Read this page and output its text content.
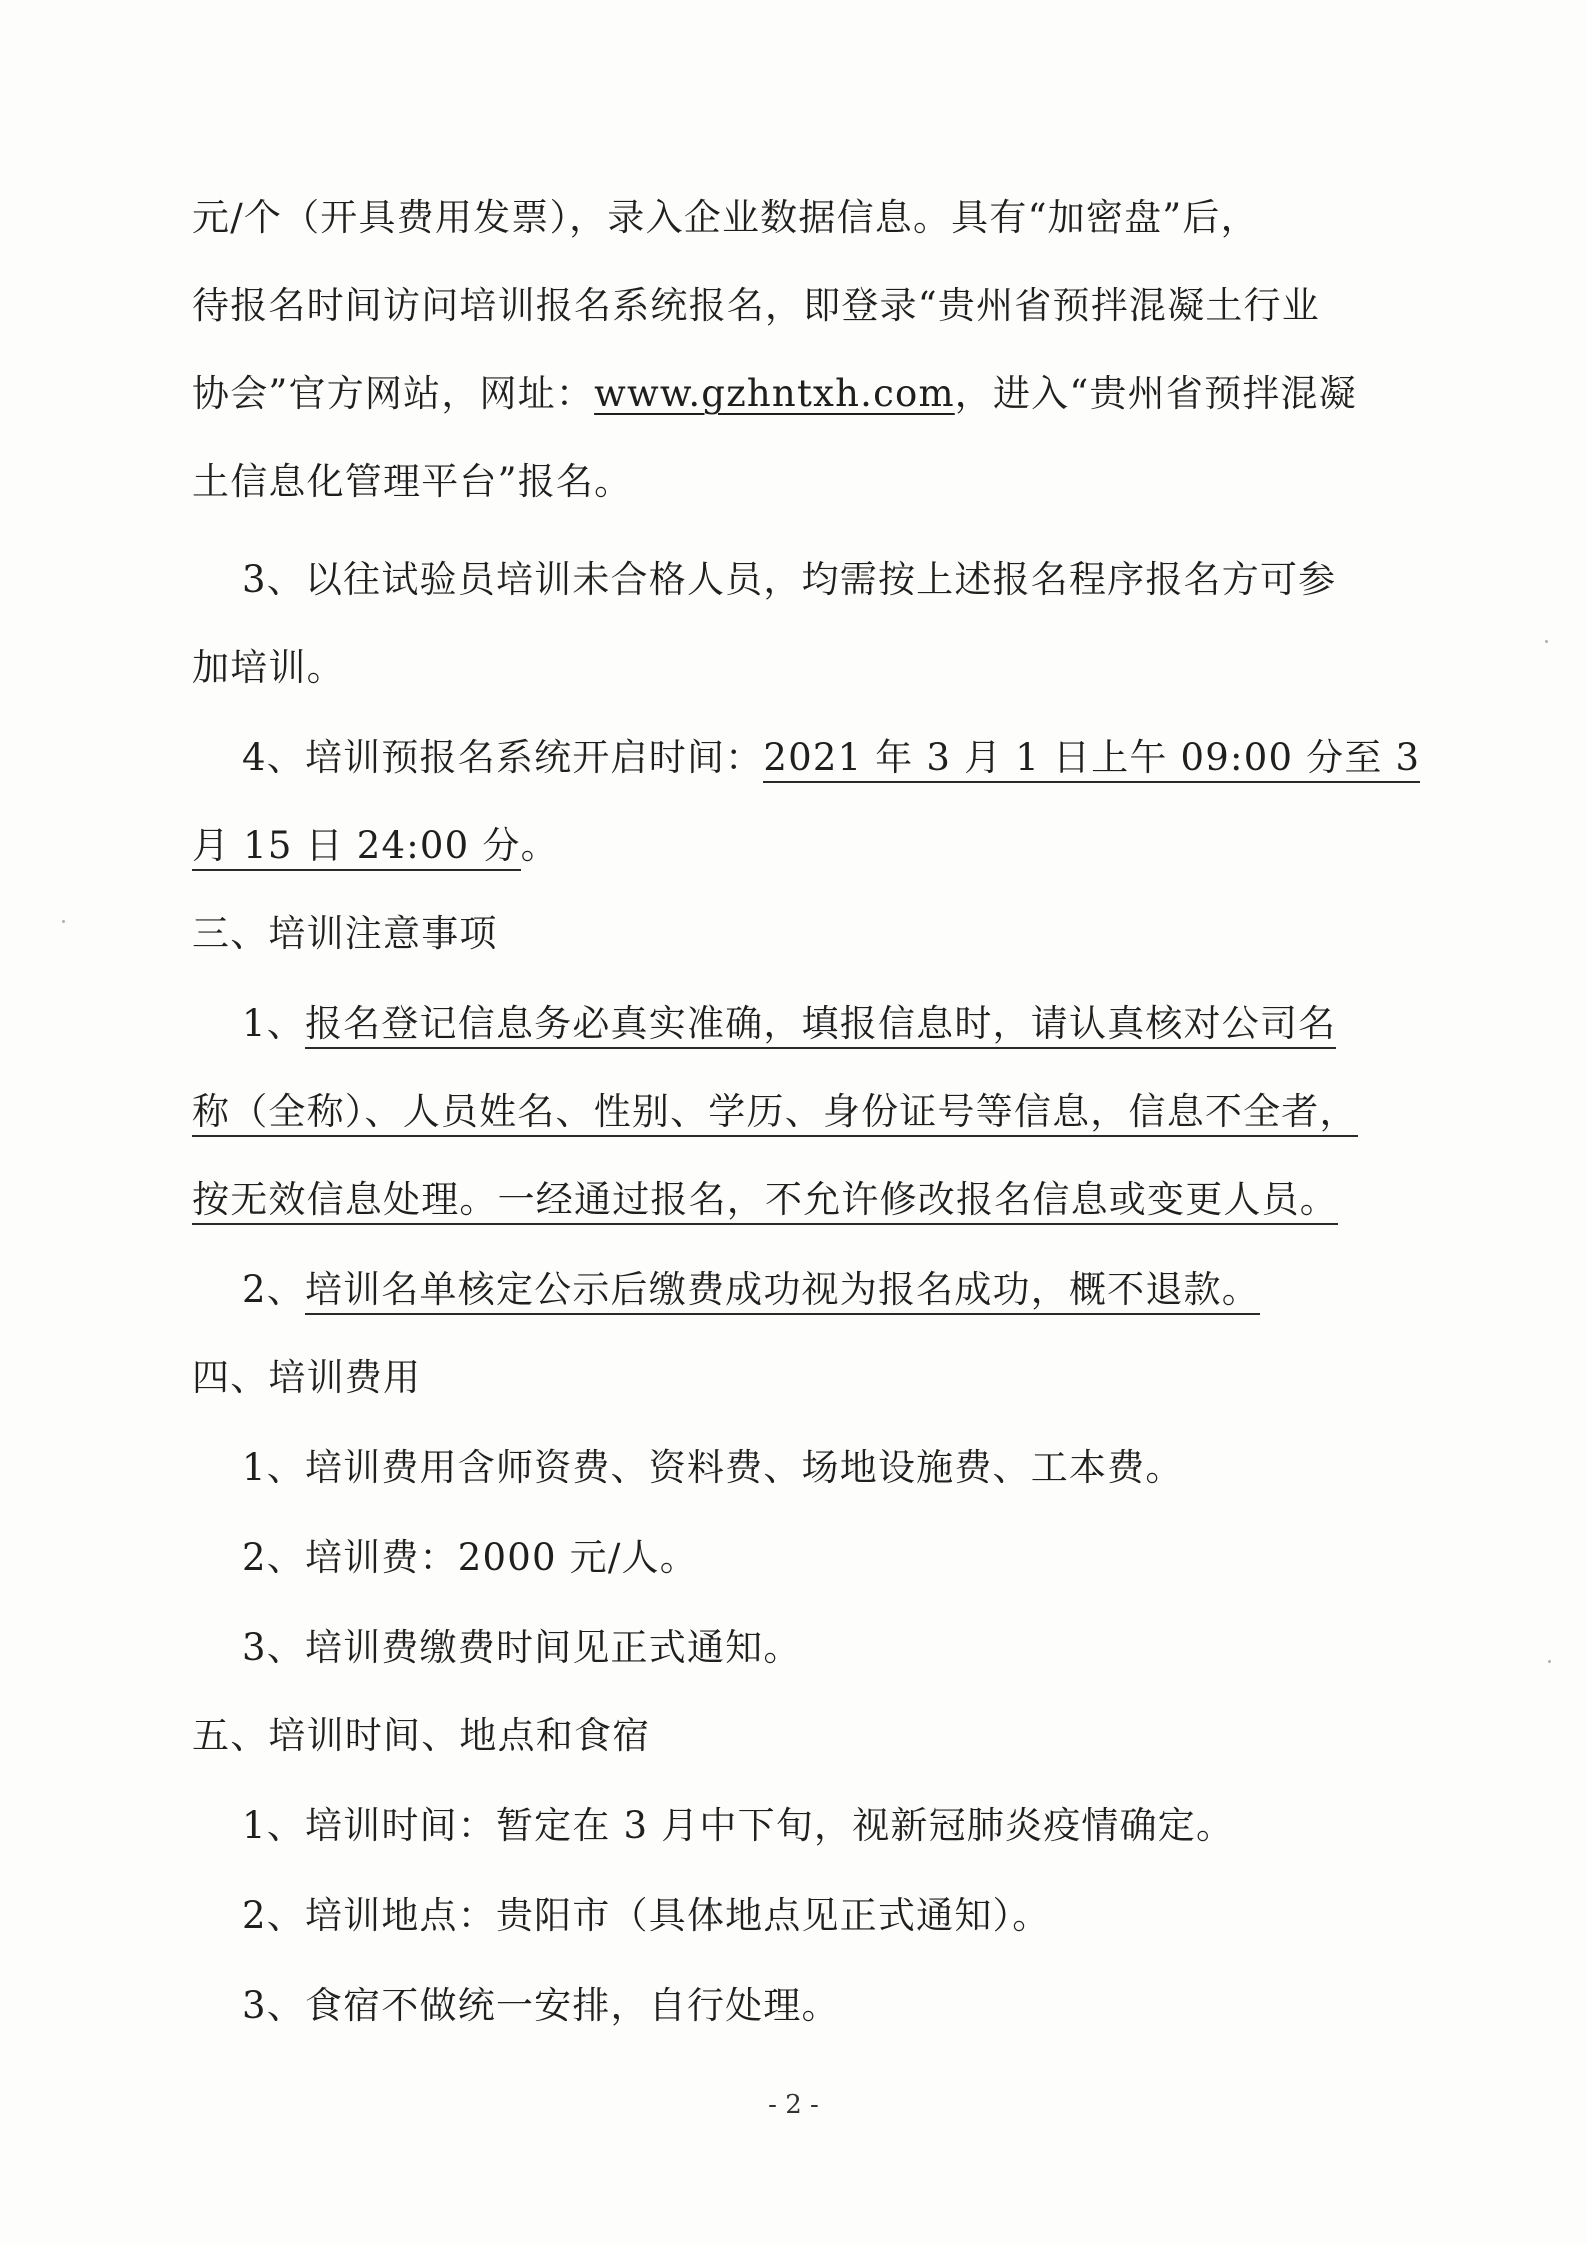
元/个（开具费用发票），录入企业数据信息。具有“加密盘”后，
待报名时间访问培训报名系统报名，即登录“贵州省预拌混凝土行业
协会”官方网站，网址：www.gzhntxh.com，进入“贵州省预拌混凝
土信息化管理平台”报名。
3、以往试验员培训未合格人员，均需按上述报名程序报名方可参
加培训。
4、培训预报名系统开启时间：2021 年 3 月 1 日上午 09:00 分至 3
月 15 日 24:00 分。
三、培训注意事项
1、报名登记信息务必真实准确，填报信息时，请认真核对公司名
称（全称）、人员姓名、性别、学历、身份证号等信息，信息不全者，
按无效信息处理。一经通过报名，不允许修改报名信息或变更人员。
2、培训名单核定公示后缴费成功视为报名成功，概不退款。
四、培训费用
1、培训费用含师资费、资料费、场地设施费、工本费。
2、培训费：2000 元/人。
3、培训费缴费时间见正式通知。
五、培训时间、地点和食宿
1、培训时间：暂定在 3 月中下旬，视新冠肺炎疫情确定。
2、培训地点：贵阳市（具体地点见正式通知）。
3、食宿不做统一安排，自行处理。
- 2 -
